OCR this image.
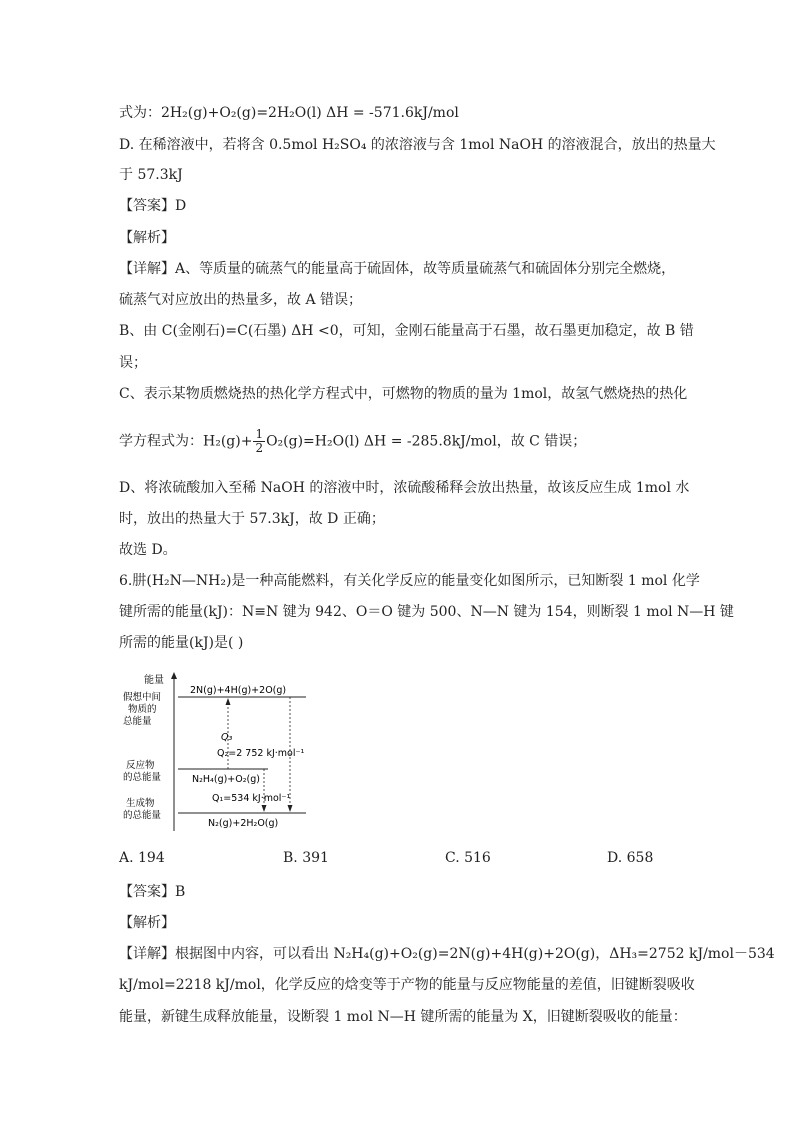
式为：2H₂(g)+O₂(g)=2H₂O(l) ΔH = -571.6kJ/mol
D. 在稀溶液中，若将含 0.5mol H₂SO₄ 的浓溶液与含 1mol NaOH 的溶液混合，放出的热量大
于 57.3kJ
【答案】D
【解析】
【详解】A、等质量的硫蒸气的能量高于硫固体，故等质量硫蒸气和硫固体分别完全燃烧，
硫蒸气对应放出的热量多，故 A 错误；
B、由 C(金刚石)=C(石墨) ΔH <0，可知，金刚石能量高于石墨，故石墨更加稳定，故 B 错
误；
C、表示某物质燃烧热的热化学方程式中，可燃物的物质的量为 1mol，故氢气燃烧热的热化
学方程式为：$H_2(g)+ \frac{1}{2} O_2(g)=H_2O(l) \Delta H = -285.8kJ/mol$，故 C 错误；
D、将浓硫酸加入至稀 NaOH 的溶液中时，浓硫酸稀释会放出热量，故该反应生成 1mol 水
时，放出的热量大于 57.3kJ，故 D 正确；
故选 D。
6.肼(H₂N—NH₂)是一种高能燃料，有关化学反应的能量变化如图所示，已知断裂 1 mol 化学
键所需的能量(kJ)：N≡N 键为 942、O＝O 键为 500、N—N 键为 154，则断裂 1 mol N—H 键
所需的能量(kJ)是( )
能量
假想中间
物质的
总能量
反应物
的总能量
生成物
的总能量
2N(g)+4H(g)+2O(g)
N₂H₄(g)+O₂(g)
N₂(g)+2H₂O(g)
Q₃
Q₂=2 752 kJ·mol⁻¹
Q₁=534 kJ·mol⁻¹
A. 194	B. 391	C. 516	D. 658
【答案】B
【解析】
【详解】根据图中内容，可以看出 N₂H₄(g)+O₂(g)=2N(g)+4H(g)+2O(g)，ΔH₃=2752 kJ/mol－534
kJ/mol=2218 kJ/mol，化学反应的焓变等于产物的能量与反应物能量的差值，旧键断裂吸收
能量，新键生成释放能量，设断裂 1 mol N—H 键所需的能量为 X，旧键断裂吸收的能量：
